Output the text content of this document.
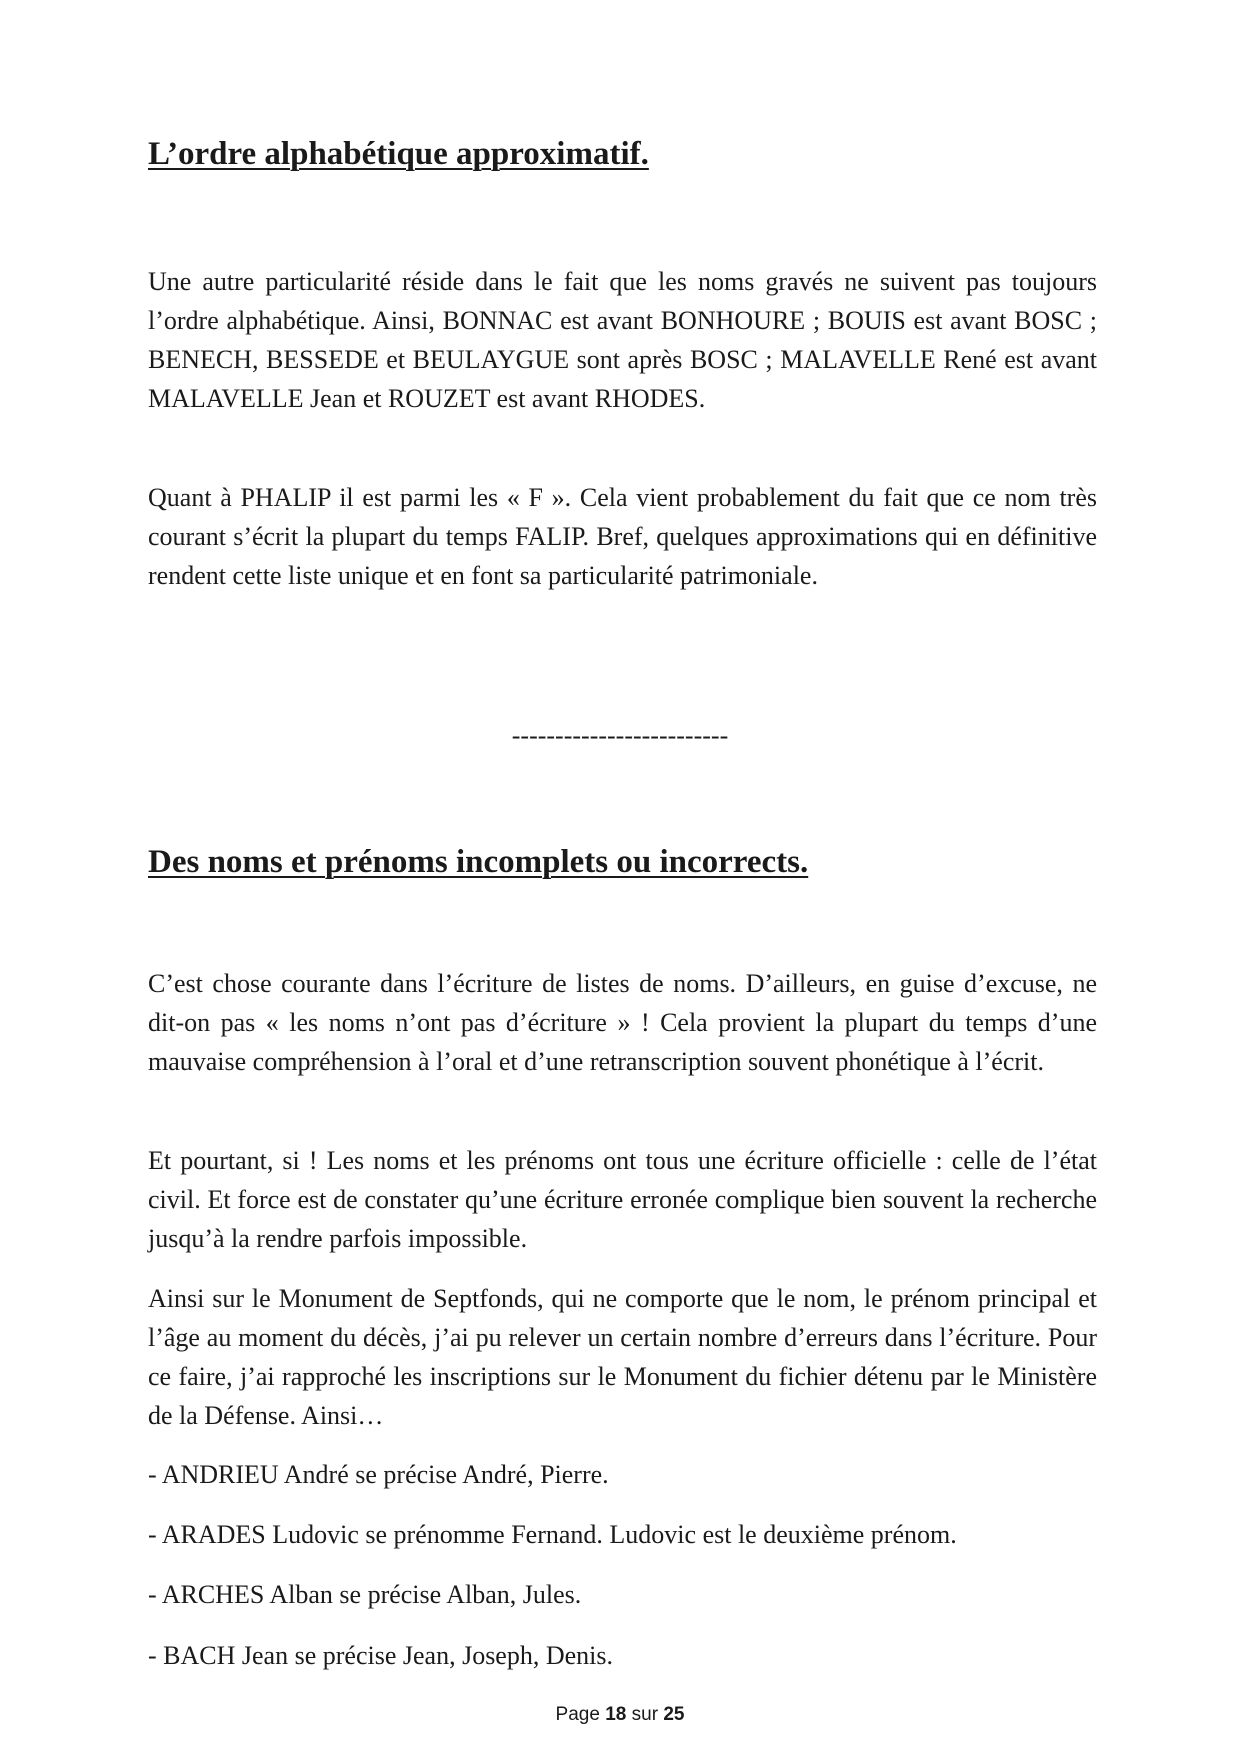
L’ordre alphabétique approximatif.

Une autre particularité réside dans le fait que les noms gravés ne suivent pas toujours l’ordre alphabétique. Ainsi, BONNAC est avant BONHOURE ; BOUIS est avant BOSC ; BENECH, BESSEDE et BEULAYGUE sont après BOSC ; MALAVELLE René est avant MALAVELLE Jean et ROUZET est avant RHODES.

Quant à PHALIP il est parmi les « F ». Cela vient probablement du fait que ce nom très courant s’écrit la plupart du temps FALIP. Bref, quelques approximations qui en définitive rendent cette liste unique et en font sa particularité patrimoniale.

-------------------------

Des noms et prénoms incomplets ou incorrects.

C’est chose courante dans l’écriture de listes de noms. D’ailleurs, en guise d’excuse, ne dit-on pas « les noms n’ont pas d’écriture » ! Cela provient la plupart du temps d’une mauvaise compréhension à l’oral et d’une retranscription souvent phonétique à l’écrit.

Et pourtant, si ! Les noms et les prénoms ont tous une écriture officielle : celle de l’état civil. Et force est de constater qu’une écriture erronée complique bien souvent la recherche jusqu’à la rendre parfois impossible.

Ainsi sur le Monument de Septfonds, qui ne comporte que le nom, le prénom principal et l’âge au moment du décès, j’ai pu relever un certain nombre d’erreurs dans l’écriture. Pour ce faire, j’ai rapproché les inscriptions sur le Monument du fichier détenu par le Ministère de la Défense. Ainsi…

- ANDRIEU André se précise André, Pierre.

- ARADES Ludovic se prénomme Fernand. Ludovic est le deuxième prénom.

- ARCHES Alban se précise Alban, Jules.

- BACH Jean se précise Jean, Joseph, Denis.

Page 18 sur 25
